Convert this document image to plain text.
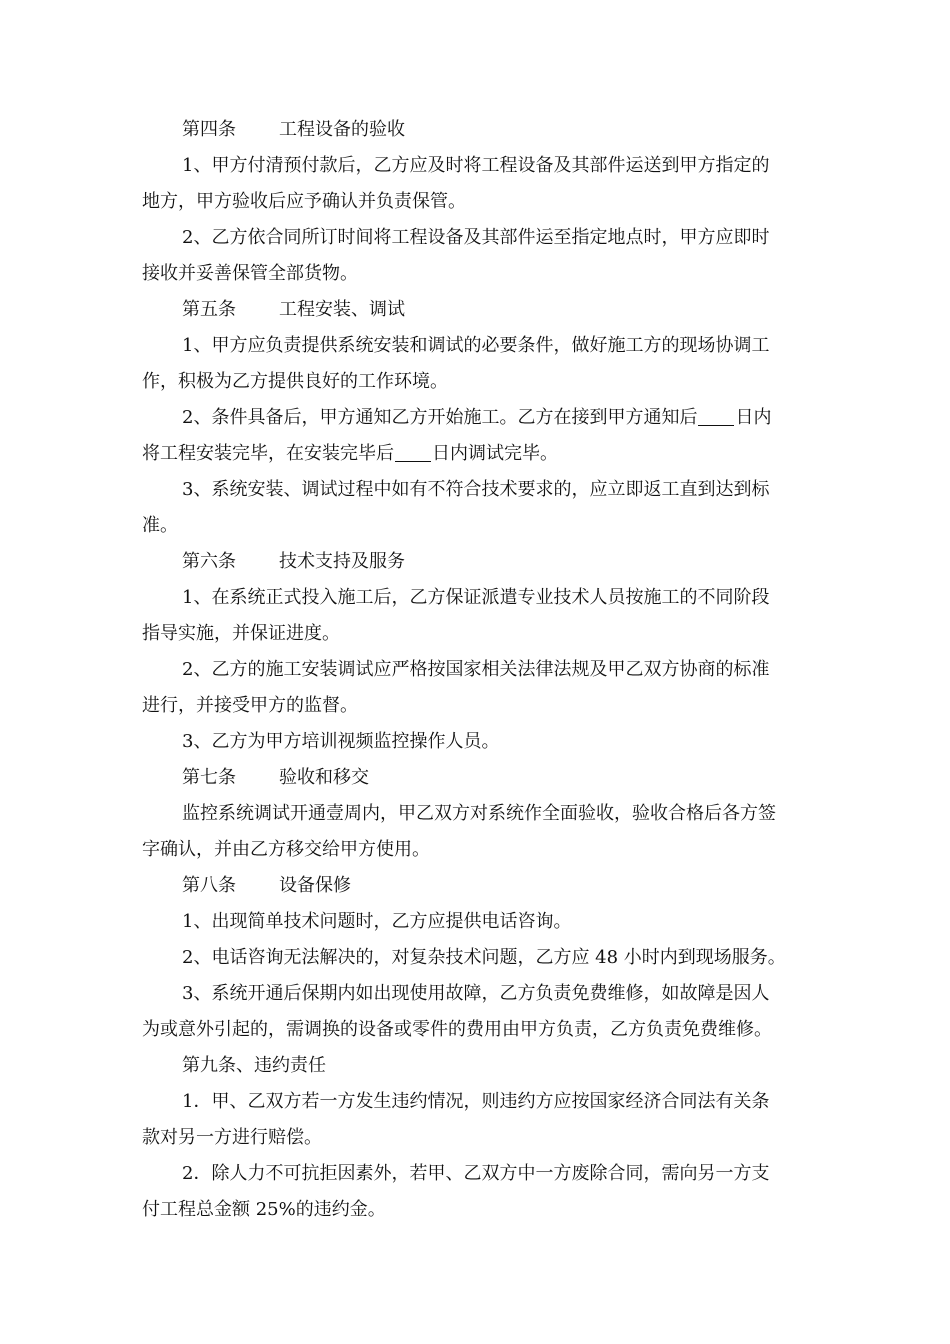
第四条 工程设备的验收
1、甲方付清预付款后，乙方应及时将工程设备及其部件运送到甲方指定的
地方，甲方验收后应予确认并负责保管。
2、乙方依合同所订时间将工程设备及其部件运至指定地点时，甲方应即时
接收并妥善保管全部货物。
第五条 工程安装、调试
1、甲方应负责提供系统安装和调试的必要条件，做好施工方的现场协调工
作，积极为乙方提供良好的工作环境。
2、条件具备后，甲方通知乙方开始施工。乙方在接到甲方通知后 日内
将工程安装完毕，在安装完毕后 日内调试完毕。
3、系统安装、调试过程中如有不符合技术要求的，应立即返工直到达到标
准。
第六条 技术支持及服务
1、在系统正式投入施工后，乙方保证派遣专业技术人员按施工的不同阶段
指导实施，并保证进度。
2、乙方的施工安装调试应严格按国家相关法律法规及甲乙双方协商的标准
进行，并接受甲方的监督。
3、乙方为甲方培训视频监控操作人员。
第七条 验收和移交
监控系统调试开通壹周内，甲乙双方对系统作全面验收，验收合格后各方签
字确认，并由乙方移交给甲方使用。
第八条 设备保修
1、出现简单技术问题时，乙方应提供电话咨询。
2、电话咨询无法解决的，对复杂技术问题，乙方应 48 小时内到现场服务。
3、系统开通后保期内如出现使用故障，乙方负责免费维修，如故障是因人
为或意外引起的，需调换的设备或零件的费用由甲方负责，乙方负责免费维修。
第九条、违约责任
1．甲、乙双方若一方发生违约情况，则违约方应按国家经济合同法有关条
款对另一方进行赔偿。
2．除人力不可抗拒因素外，若甲、乙双方中一方废除合同，需向另一方支
付工程总金额 25%的违约金。
